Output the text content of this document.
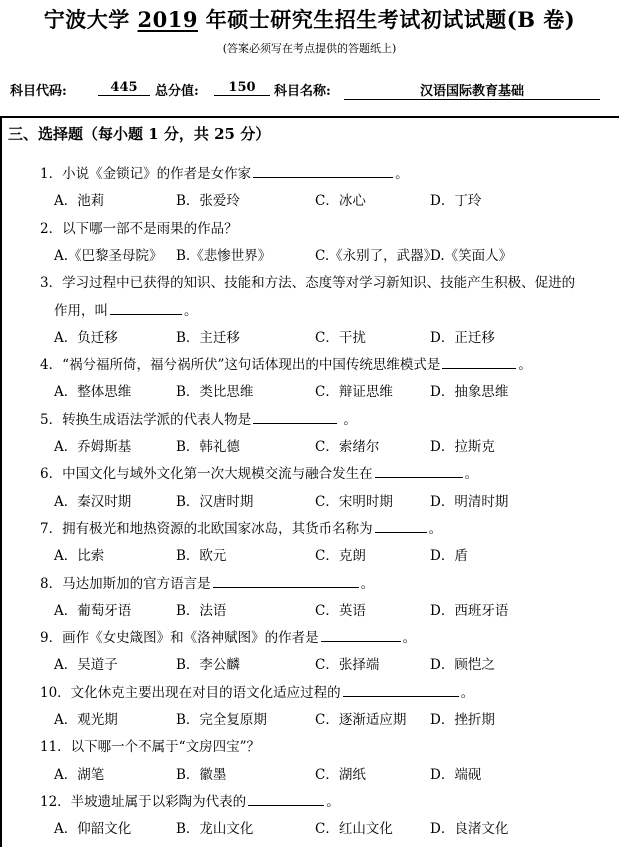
宁波大学 2019 年硕士研究生招生考试初试试题(B 卷)
(答案必须写在考点提供的答题纸上)
科目代码:	445	总分值:	150	科目名称:	汉语国际教育基础
三、选择题（每小题 1 分，共 25 分）
1．小说《金锁记》的作者是女作家	。
A．池莉	B．张爱玲	C．冰心	D．丁玲
2．以下哪一部不是雨果的作品？
A.《巴黎圣母院》 B.《悲惨世界》	C.《永别了，武器》
D.《笑面人》
3．学习过程中已获得的知识、技能和方法、态度等对学习新知识、技能产生积极、促进的
作用，叫	。
A．负迁移	B．主迁移	C．干扰	D．正迁移
4．“祸兮福所倚，福兮祸所伏”这句话体现出的中国传统思维模式是	。
A．整体思维	B．类比思维	C．辩证思维	D．抽象思维
5．转换生成语法学派的代表人物是	。
A．乔姆斯基	B．韩礼德	C．索绪尔	D．拉斯克
6．中国文化与域外文化第一次大规模交流与融合发生在	。
A．秦汉时期	B．汉唐时期	C．宋明时期	D．明清时期
7．拥有极光和地热资源的北欧国家冰岛，其货币名称为	。
A．比索	B．欧元	C．克朗	D．盾
8．马达加斯加的官方语言是	。
A．葡萄牙语	B．法语	C．英语	D．西班牙语
9．画作《女史箴图》和《洛神赋图》的作者是	。
A．吴道子	B．李公麟	C．张择端	D．顾恺之
10．文化休克主要出现在对目的语文化适应过程的	。
A．观光期	B．完全复原期	C．逐渐适应期 D．挫折期
11．以下哪一个不属于“文房四宝”？
A．湖笔	B．徽墨	C．湖纸	D．端砚
12．半坡遗址属于以彩陶为代表的	。
A．仰韶文化	B．龙山文化	C．红山文化	D．良渚文化
